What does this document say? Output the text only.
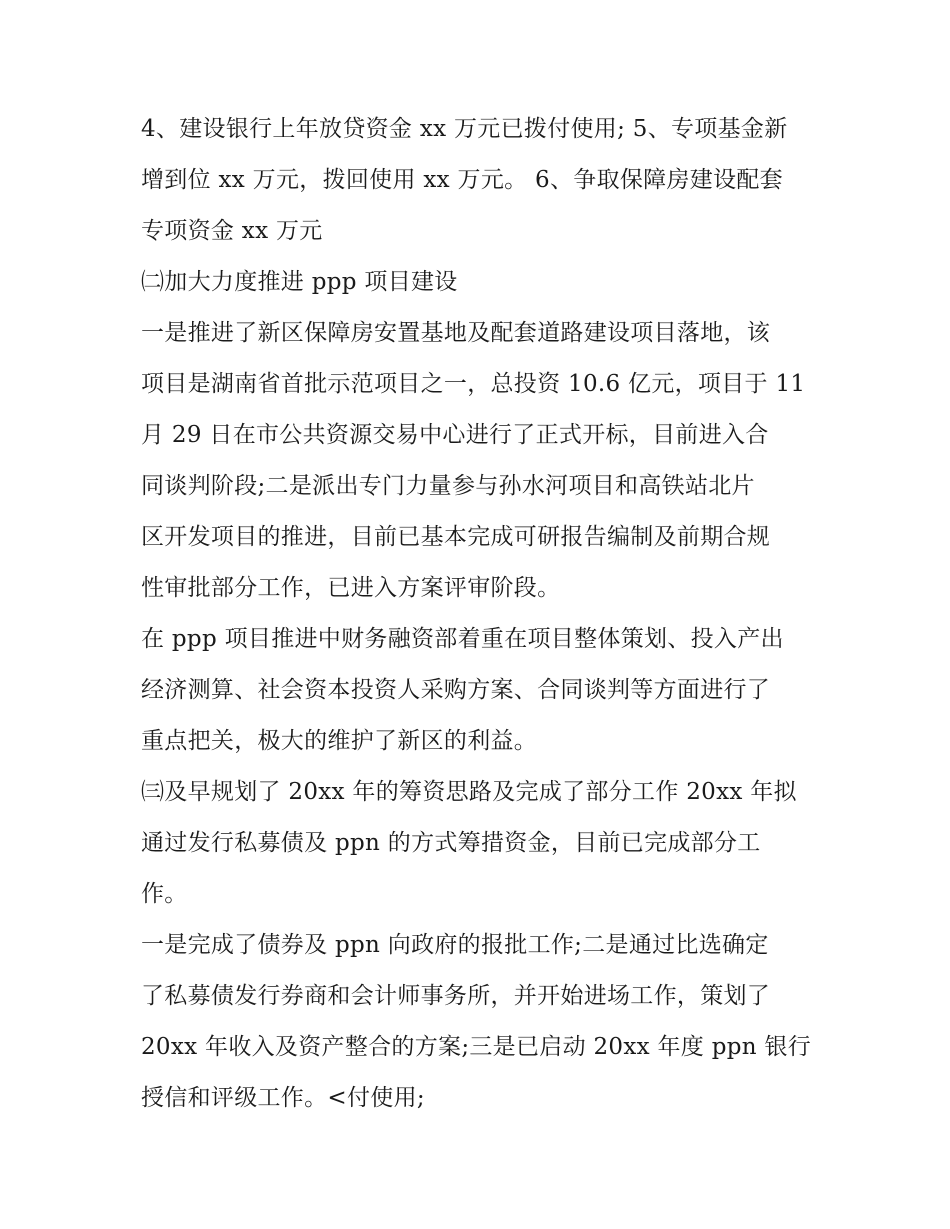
4、建设银行上年放贷资金 xx 万元已拨付使用; 5、专项基金新
增到位 xx 万元，拨回使用 xx 万元。 6、争取保障房建设配套
专项资金 xx 万元
㈡加大力度推进 ppp 项目建设
一是推进了新区保障房安置基地及配套道路建设项目落地，该
项目是湖南省首批示范项目之一，总投资 10.6 亿元，项目于 11
月 29 日在市公共资源交易中心进行了正式开标，目前进入合
同谈判阶段;二是派出专门力量参与孙水河项目和高铁站北片
区开发项目的推进，目前已基本完成可研报告编制及前期合规
性审批部分工作，已进入方案评审阶段。
在 ppp 项目推进中财务融资部着重在项目整体策划、投入产出
经济测算、社会资本投资人采购方案、合同谈判等方面进行了
重点把关，极大的维护了新区的利益。
㈢及早规划了 20xx 年的筹资思路及完成了部分工作 20xx 年拟
通过发行私募债及 ppn 的方式筹措资金，目前已完成部分工
作。
一是完成了债券及 ppn 向政府的报批工作;二是通过比选确定
了私募债发行券商和会计师事务所，并开始进场工作，策划了
20xx 年收入及资产整合的方案;三是已启动 20xx 年度 ppn 银行
授信和评级工作。<付使用;
